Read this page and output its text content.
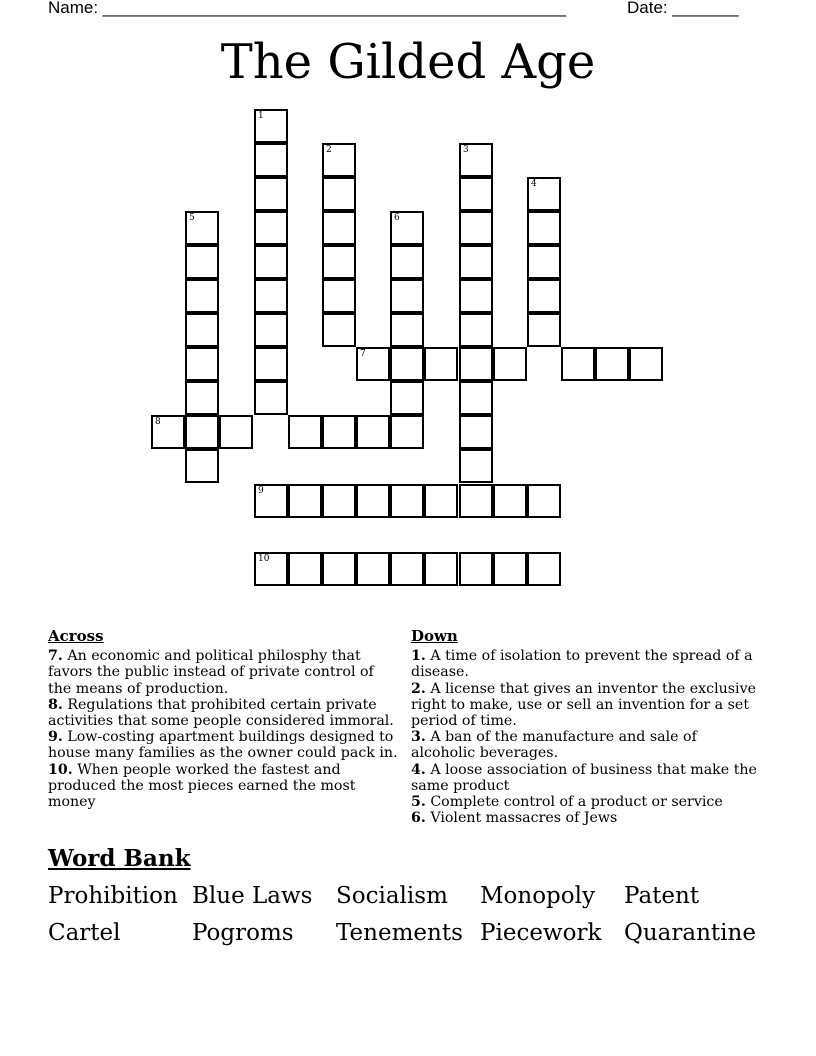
Name: _________________________________________________	Date: _______
The Gilded Age
1
2	3
4
5	6
7
8
9
10
Across
7. An economic and political philosphy that favors the public instead of private control of the means of production.
8. Regulations that prohibited certain private activities that some people considered immoral.
9. Low-costing apartment buildings designed to house many families as the owner could pack in.
10. When people worked the fastest and produced the most pieces earned the most money
Down
1. A time of isolation to prevent the spread of a disease.
2. A license that gives an inventor the exclusive right to make, use or sell an invention for a set period of time.
3. A ban of the manufacture and sale of alcoholic beverages.
4. A loose association of business that make the same product
5. Complete control of a product or service
6. Violent massacres of Jews
Word Bank
Prohibition Blue Laws Socialism Monopoly Patent
Cartel	Pogroms Tenements Piecework Quarantine
